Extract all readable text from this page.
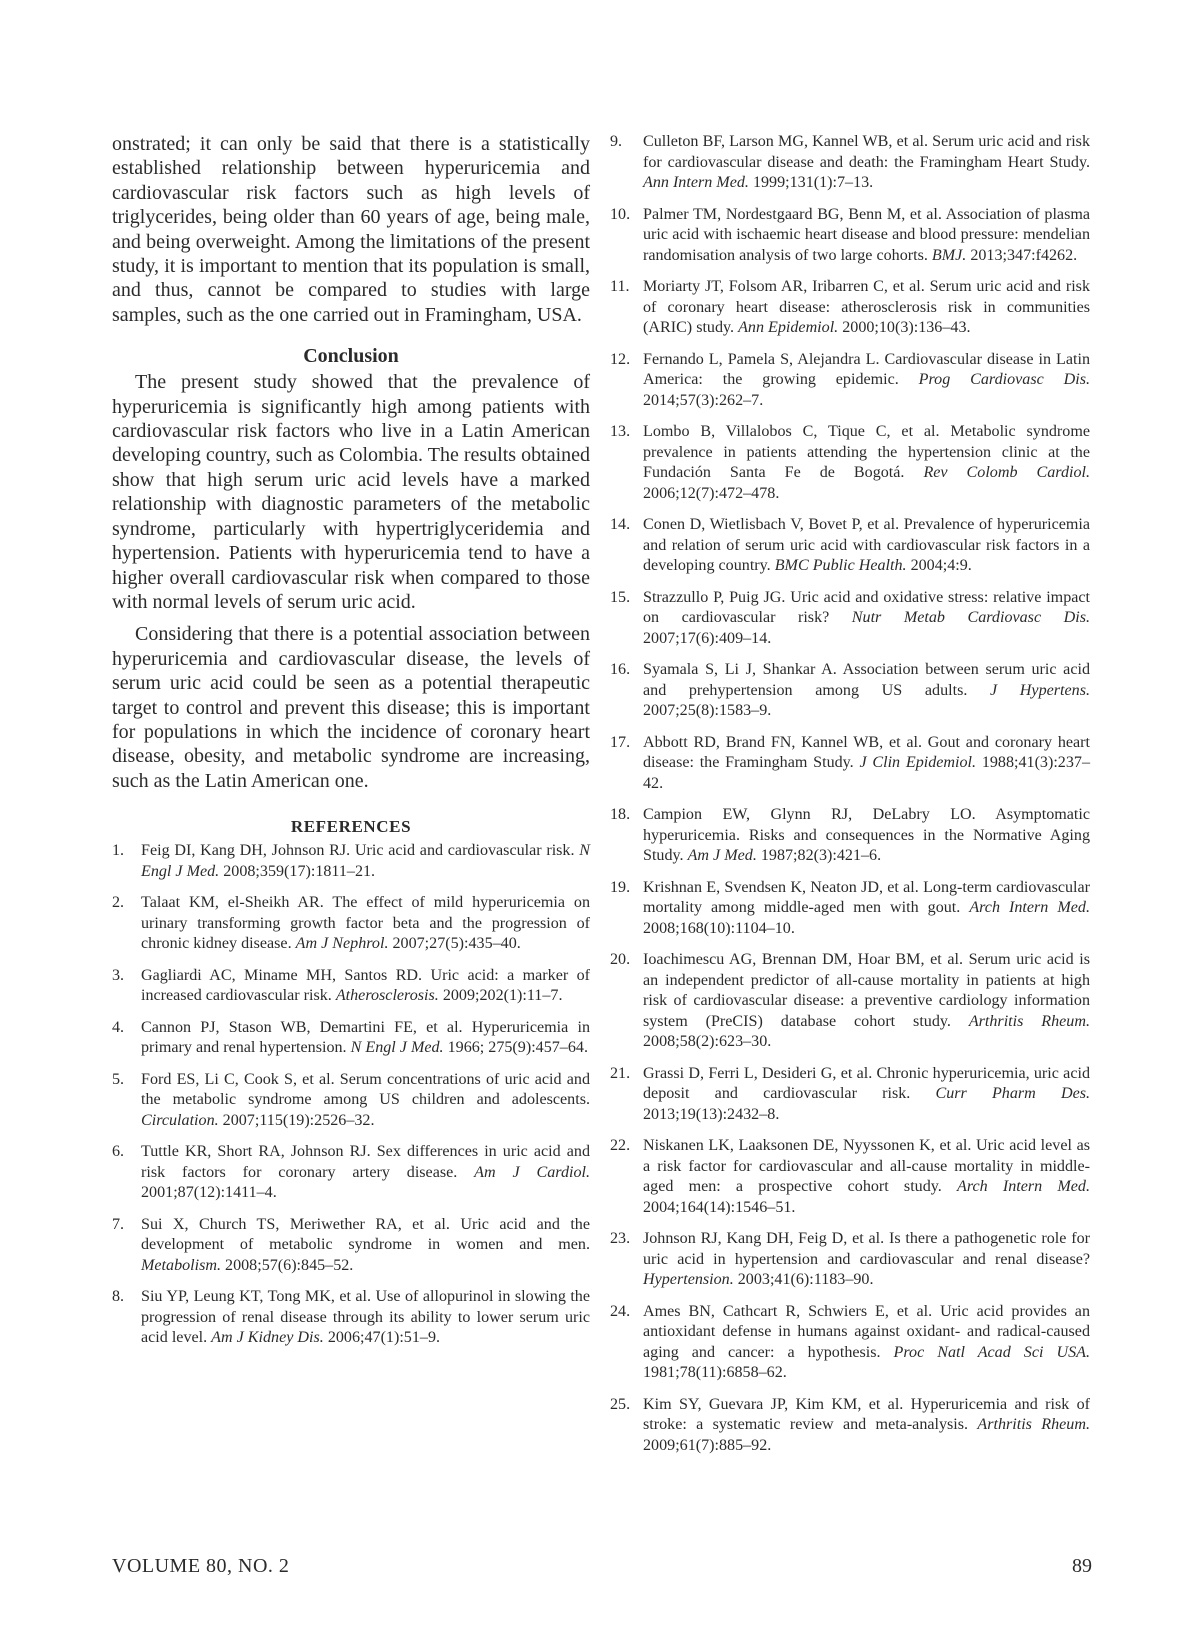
onstrated; it can only be said that there is a statistically established relationship between hyperuricemia and cardiovascular risk factors such as high levels of triglycerides, being older than 60 years of age, being male, and being overweight. Among the limitations of the present study, it is important to mention that its population is small, and thus, cannot be compared to studies with large samples, such as the one carried out in Framingham, USA.

Conclusion

The present study showed that the prevalence of hyperuricemia is significantly high among patients with cardiovascular risk factors who live in a Latin American developing country, such as Colombia. The results obtained show that high serum uric acid levels have a marked relationship with diagnostic parameters of the metabolic syndrome, particularly with hypertriglyceridemia and hypertension. Patients with hyperuricemia tend to have a higher overall cardiovascular risk when compared to those with normal levels of serum uric acid.

Considering that there is a potential association between hyperuricemia and cardiovascular disease, the levels of serum uric acid could be seen as a potential therapeutic target to control and prevent this disease; this is important for populations in which the incidence of coronary heart disease, obesity, and metabolic syndrome are increasing, such as the Latin American one.

REFERENCES
1. Feig DI, Kang DH, Johnson RJ. Uric acid and cardiovascular risk. N Engl J Med. 2008;359(17):1811–21.
2. Talaat KM, el-Sheikh AR. The effect of mild hyperuricemia on urinary transforming growth factor beta and the progression of chronic kidney disease. Am J Nephrol. 2007;27(5):435–40.
3. Gagliardi AC, Miname MH, Santos RD. Uric acid: a marker of increased cardiovascular risk. Atherosclerosis. 2009;202(1):11–7.
4. Cannon PJ, Stason WB, Demartini FE, et al. Hyperuricemia in primary and renal hypertension. N Engl J Med. 1966; 275(9):457–64.
5. Ford ES, Li C, Cook S, et al. Serum concentrations of uric acid and the metabolic syndrome among US children and adolescents. Circulation. 2007;115(19):2526–32.
6. Tuttle KR, Short RA, Johnson RJ. Sex differences in uric acid and risk factors for coronary artery disease. Am J Cardiol. 2001;87(12):1411–4.
7. Sui X, Church TS, Meriwether RA, et al. Uric acid and the development of metabolic syndrome in women and men. Metabolism. 2008;57(6):845–52.
8. Siu YP, Leung KT, Tong MK, et al. Use of allopurinol in slowing the progression of renal disease through its ability to lower serum uric acid level. Am J Kidney Dis. 2006;47(1):51–9.
9. Culleton BF, Larson MG, Kannel WB, et al. Serum uric acid and risk for cardiovascular disease and death: the Framingham Heart Study. Ann Intern Med. 1999;131(1):7–13.
10. Palmer TM, Nordestgaard BG, Benn M, et al. Association of plasma uric acid with ischaemic heart disease and blood pressure: mendelian randomisation analysis of two large cohorts. BMJ. 2013;347:f4262.
11. Moriarty JT, Folsom AR, Iribarren C, et al. Serum uric acid and risk of coronary heart disease: atherosclerosis risk in communities (ARIC) study. Ann Epidemiol. 2000;10(3):136–43.
12. Fernando L, Pamela S, Alejandra L. Cardiovascular disease in Latin America: the growing epidemic. Prog Cardiovasc Dis. 2014;57(3):262–7.
13. Lombo B, Villalobos C, Tique C, et al. Metabolic syndrome prevalence in patients attending the hypertension clinic at the Fundación Santa Fe de Bogotá. Rev Colomb Cardiol. 2006;12(7):472–478.
14. Conen D, Wietlisbach V, Bovet P, et al. Prevalence of hyperuricemia and relation of serum uric acid with cardiovascular risk factors in a developing country. BMC Public Health. 2004;4:9.
15. Strazzullo P, Puig JG. Uric acid and oxidative stress: relative impact on cardiovascular risk? Nutr Metab Cardiovasc Dis. 2007;17(6):409–14.
16. Syamala S, Li J, Shankar A. Association between serum uric acid and prehypertension among US adults. J Hypertens. 2007;25(8):1583–9.
17. Abbott RD, Brand FN, Kannel WB, et al. Gout and coronary heart disease: the Framingham Study. J Clin Epidemiol. 1988;41(3):237–42.
18. Campion EW, Glynn RJ, DeLabry LO. Asymptomatic hyperuricemia. Risks and consequences in the Normative Aging Study. Am J Med. 1987;82(3):421–6.
19. Krishnan E, Svendsen K, Neaton JD, et al. Long-term cardiovascular mortality among middle-aged men with gout. Arch Intern Med. 2008;168(10):1104–10.
20. Ioachimescu AG, Brennan DM, Hoar BM, et al. Serum uric acid is an independent predictor of all-cause mortality in patients at high risk of cardiovascular disease: a preventive cardiology information system (PreCIS) database cohort study. Arthritis Rheum. 2008;58(2):623–30.
21. Grassi D, Ferri L, Desideri G, et al. Chronic hyperuricemia, uric acid deposit and cardiovascular risk. Curr Pharm Des. 2013;19(13):2432–8.
22. Niskanen LK, Laaksonen DE, Nyyssonen K, et al. Uric acid level as a risk factor for cardiovascular and all-cause mortality in middle-aged men: a prospective cohort study. Arch Intern Med. 2004;164(14):1546–51.
23. Johnson RJ, Kang DH, Feig D, et al. Is there a pathogenetic role for uric acid in hypertension and cardiovascular and renal disease? Hypertension. 2003;41(6):1183–90.
24. Ames BN, Cathcart R, Schwiers E, et al. Uric acid provides an antioxidant defense in humans against oxidant- and radical-caused aging and cancer: a hypothesis. Proc Natl Acad Sci USA. 1981;78(11):6858–62.
25. Kim SY, Guevara JP, Kim KM, et al. Hyperuricemia and risk of stroke: a systematic review and meta-analysis. Arthritis Rheum. 2009;61(7):885–92.
VOLUME 80, NO. 2	89
